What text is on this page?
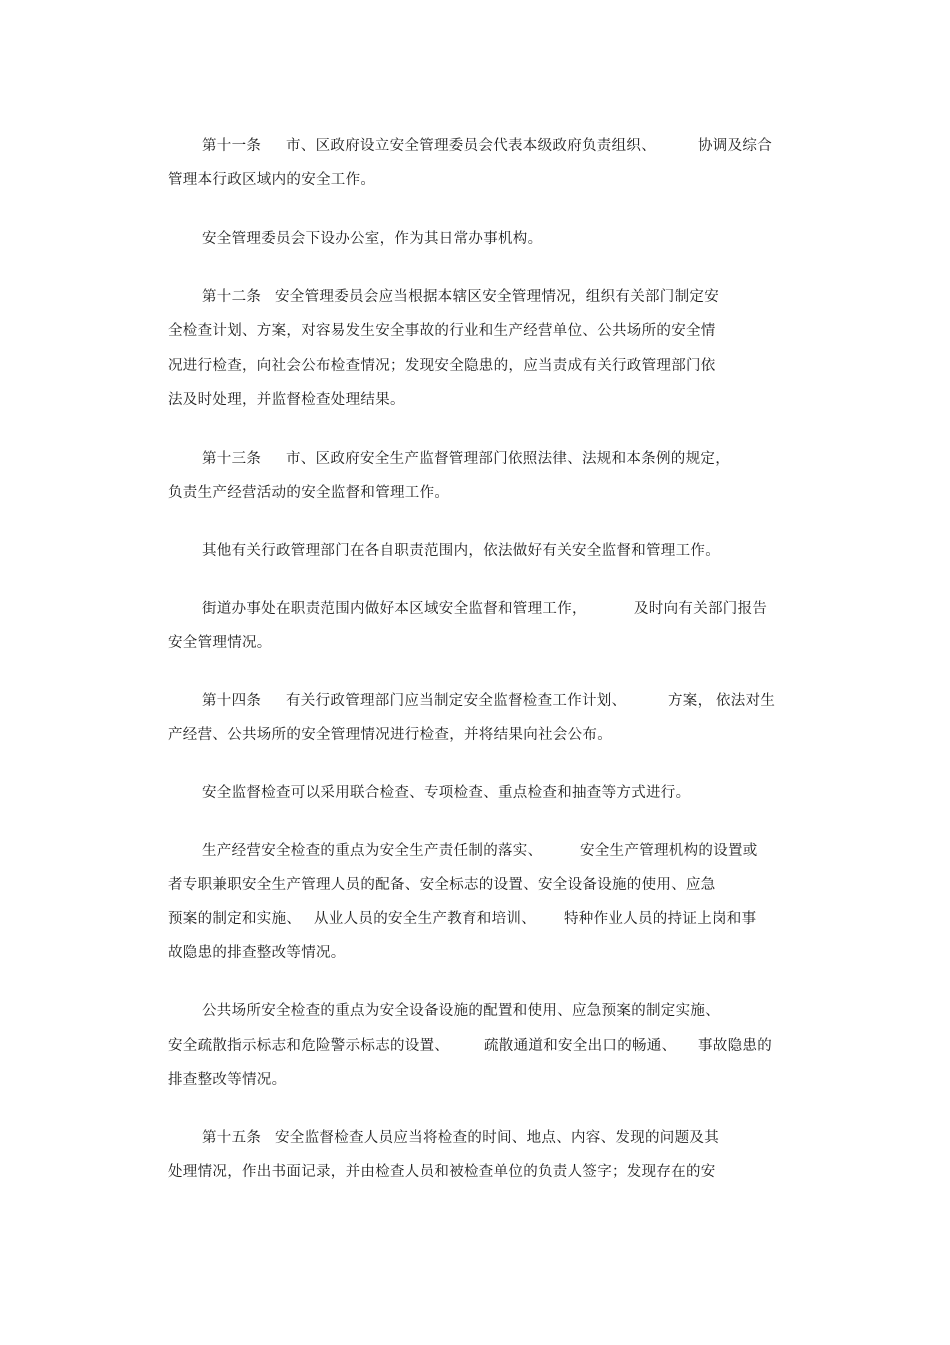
第十一条 市、区政府设立安全管理委员会代表本级政府负责组织、	协调及综合
管理本行政区域内的安全工作。
安全管理委员会下设办公室，作为其日常办事机构。
第十二条 安全管理委员会应当根据本辖区安全管理情况，组织有关部门制定安
全检查计划、方案，对容易发生安全事故的行业和生产经营单位、公共场所的安全情
况进行检查，向社会公布检查情况；发现安全隐患的，应当责成有关行政管理部门依
法及时处理，并监督检查处理结果。
第十三条 市、区政府安全生产监督管理部门依照法律、法规和本条例的规定，
负责生产经营活动的安全监督和管理工作。
其他有关行政管理部门在各自职责范围内，依法做好有关安全监督和管理工作。
街道办事处在职责范围内做好本区域安全监督和管理工作，	及时向有关部门报告
安全管理情况。
第十四条 有关行政管理部门应当制定安全监督检查工作计划、	方案， 依法对生
产经营、公共场所的安全管理情况进行检查，并将结果向社会公布。
安全监督检查可以采用联合检查、专项检查、重点检查和抽查等方式进行。
生产经营安全检查的重点为安全生产责任制的落实、	安全生产管理机构的设置或
者专职兼职安全生产管理人员的配备、安全标志的设置、安全设备设施的使用、应急
预案的制定和实施、 从业人员的安全生产教育和培训、 特种作业人员的持证上岗和事
故隐患的排查整改等情况。
公共场所安全检查的重点为安全设备设施的配置和使用、应急预案的制定实施、
安全疏散指示标志和危险警示标志的设置、 疏散通道和安全出口的畅通、 事故隐患的
排查整改等情况。
第十五条 安全监督检查人员应当将检查的时间、地点、内容、发现的问题及其
处理情况，作出书面记录，并由检查人员和被检查单位的负责人签字；发现存在的安
